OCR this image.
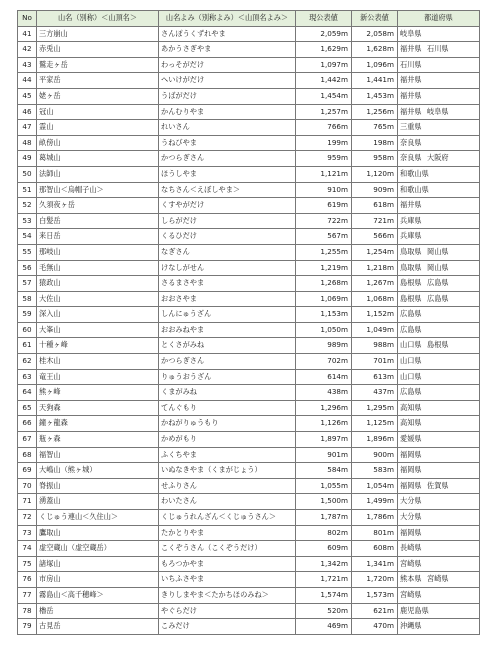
No	山名（別称）＜山頂名＞	山名よみ（別称よみ）＜山頂名よみ＞	現公表値	新公表値	都道府県
41	三方崩山	さんぽうくずれやま	2,059m	2,058m	岐阜県
42	赤兎山	あかうさぎやま	1,629m	1,628m	福井県 石川県
43	鷲走ヶ岳	わっそがだけ	1,097m	1,096m	石川県
44	平家岳	へいけがだけ	1,442m	1,441m	福井県
45	姥ヶ岳	うばがだけ	1,454m	1,453m	福井県
46	冠山	かんむりやま	1,257m	1,256m	福井県 岐阜県
47	霊山	れいさん	766m	765m	三重県
48	畝傍山	うねびやま	199m	198m	奈良県
49	葛城山	かつらぎさん	959m	958m	奈良県 大阪府
50	法師山	ほうしやま	1,121m	1,120m	和歌山県
51	那智山＜烏帽子山＞	なちさん＜えぼしやま＞	910m	909m	和歌山県
52	久須夜ヶ岳	くすやがだけ	619m	618m	福井県
53	白髪岳	しらがだけ	722m	721m	兵庫県
54	来日岳	くるひだけ	567m	566m	兵庫県
55	那岐山	なぎさん	1,255m	1,254m	鳥取県 岡山県
56	毛無山	けなしがせん	1,219m	1,218m	鳥取県 岡山県
57	猿政山	さるまさやま	1,268m	1,267m	島根県 広島県
58	大佐山	おおさやま	1,069m	1,068m	島根県 広島県
59	深入山	しんにゅうざん	1,153m	1,152m	広島県
60	大峯山	おおみねやま	1,050m	1,049m	広島県
61	十種ヶ峰	とくさがみね	989m	988m	山口県 島根県
62	桂木山	かつらぎさん	702m	701m	山口県
63	竜王山	りゅうおうざん	614m	613m	山口県
64	熊ヶ峰	くまがみね	438m	437m	広島県
65	天狗森	てんぐもり	1,296m	1,295m	高知県
66	鐘ヶ龍森	かねがりゅうもり	1,126m	1,125m	高知県
67	瓶ヶ森	かめがもり	1,897m	1,896m	愛媛県
68	福智山	ふくちやま	901m	900m	福岡県
69	大嶋山（熊ヶ城）	いぬなきやま（くまがじょう）	584m	583m	福岡県
70	脊振山	せふりさん	1,055m	1,054m	福岡県 佐賀県
71	湧蓋山	わいたさん	1,500m	1,499m	大分県
72	くじゅう連山＜久住山＞	くじゅうれんざん＜くじゅうさん＞	1,787m	1,786m	大分県
73	鷹取山	たかとりやま	802m	801m	福岡県
74	虚空蔵山（虚空蔵岳）	こくぞうさん（こくぞうだけ）	609m	608m	長崎県
75	諸塚山	もろつかやま	1,342m	1,341m	宮崎県
76	市房山	いちふさやま	1,721m	1,720m	熊本県 宮崎県
77	霧島山＜高千穂峰＞	きりしまやま＜たかちほのみね＞	1,574m	1,573m	宮崎県
78	櫓岳	やぐらだけ	520m	621m	鹿児島県
79	古見岳	こみだけ	469m	470m	沖縄県
